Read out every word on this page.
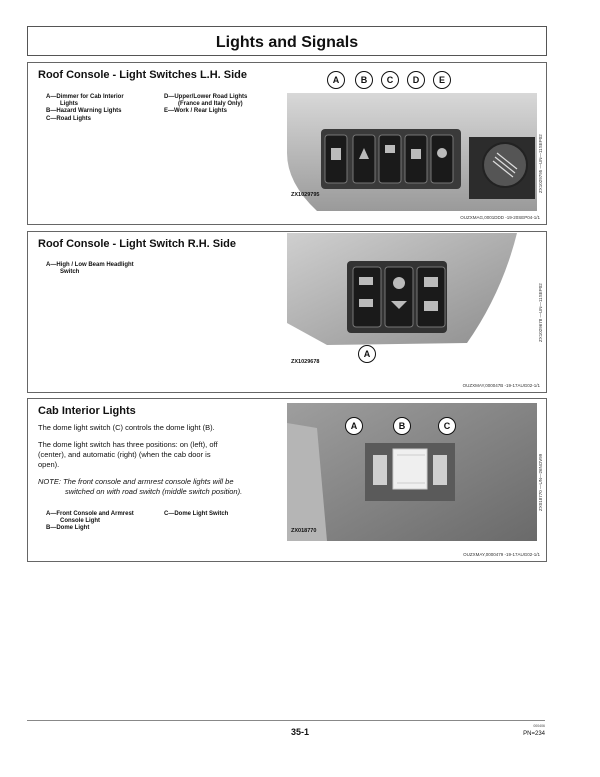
Lights and Signals
Roof Console - Light Switches L.H. Side
A—Dimmer for Cab Interior
Lights
B—Hazard Warning Lights
C—Road Lights
D—Upper/Lower Road Lights
(France and Italy Only)
E—Work / Rear Lights
ZX1029795
ZX1029795 —UN—11SEP02
A	B	C	D	E
OUZXMAG,0001DDD -19-20SEP04-1/1
Roof Console - Light Switch R.H. Side
A—High / Low Beam Headlight
Switch
ZX1029678
ZX1029678 —UN—11SEP02
A
OUZXMAY,000047B -19-17AUG02-1/1
Cab Interior Lights
The dome light switch (C) controls the dome light (B).
The dome light switch has three positions: on (left), off
(center), and automatic (right) (when the cab door is
open).
NOTE: The front console and armrest console lights will be
switched on with road switch (middle switch position).
A—Front Console and Armrest
Console Light
B—Dome Light
C—Dome Light Switch
ZX018770
ZX018770 —UN—26NOV99
A	B	C
OUZXMAY,0000479 -19-17AUG02-1/1
35-1
000406
PN=234
